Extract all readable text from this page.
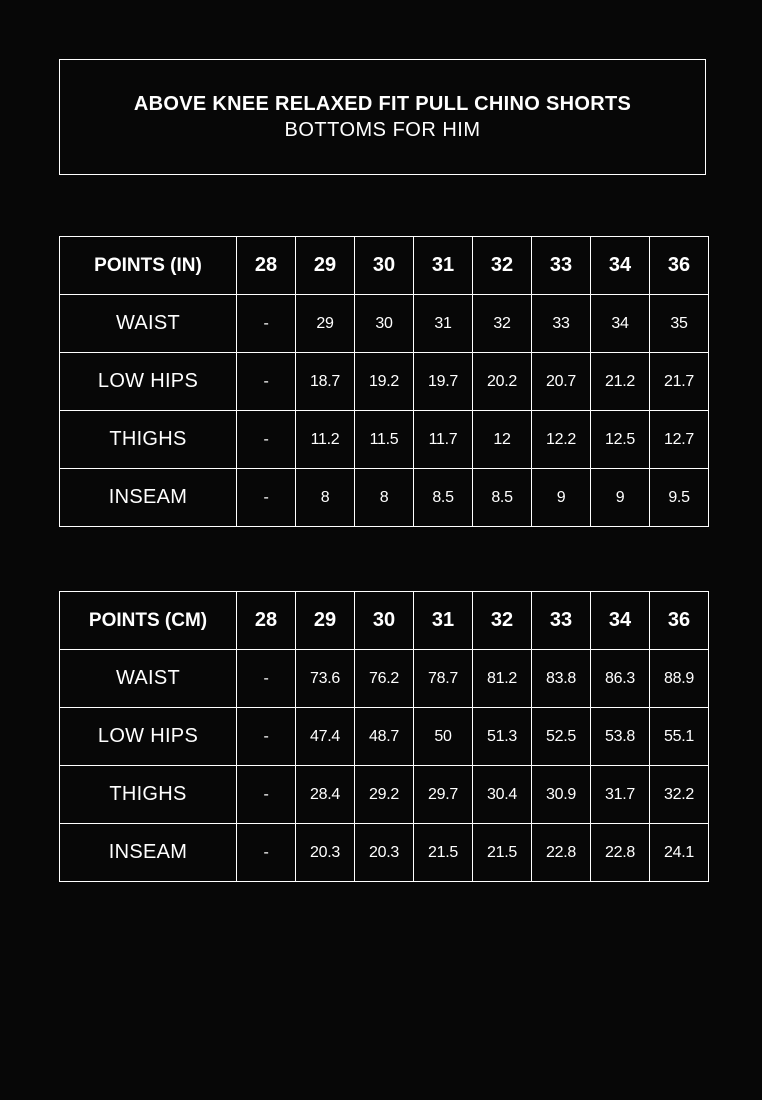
ABOVE KNEE RELAXED FIT PULL CHINO SHORTS
BOTTOMS FOR HIM
POINTS (IN)	28	29	30	31	32	33	34	36
WAIST	-	29	30	31	32	33	34	35
LOW HIPS	-	18.7	19.2	19.7	20.2	20.7	21.2	21.7
THIGHS	-	11.2	11.5	11.7	12	12.2	12.5	12.7
INSEAM	-	8	8	8.5	8.5	9	9	9.5
POINTS (CM)	28	29	30	31	32	33	34	36
WAIST	-	73.6	76.2	78.7	81.2	83.8	86.3	88.9
LOW HIPS	-	47.4	48.7	50	51.3	52.5	53.8	55.1
THIGHS	-	28.4	29.2	29.7	30.4	30.9	31.7	32.2
INSEAM	-	20.3	20.3	21.5	21.5	22.8	22.8	24.1
